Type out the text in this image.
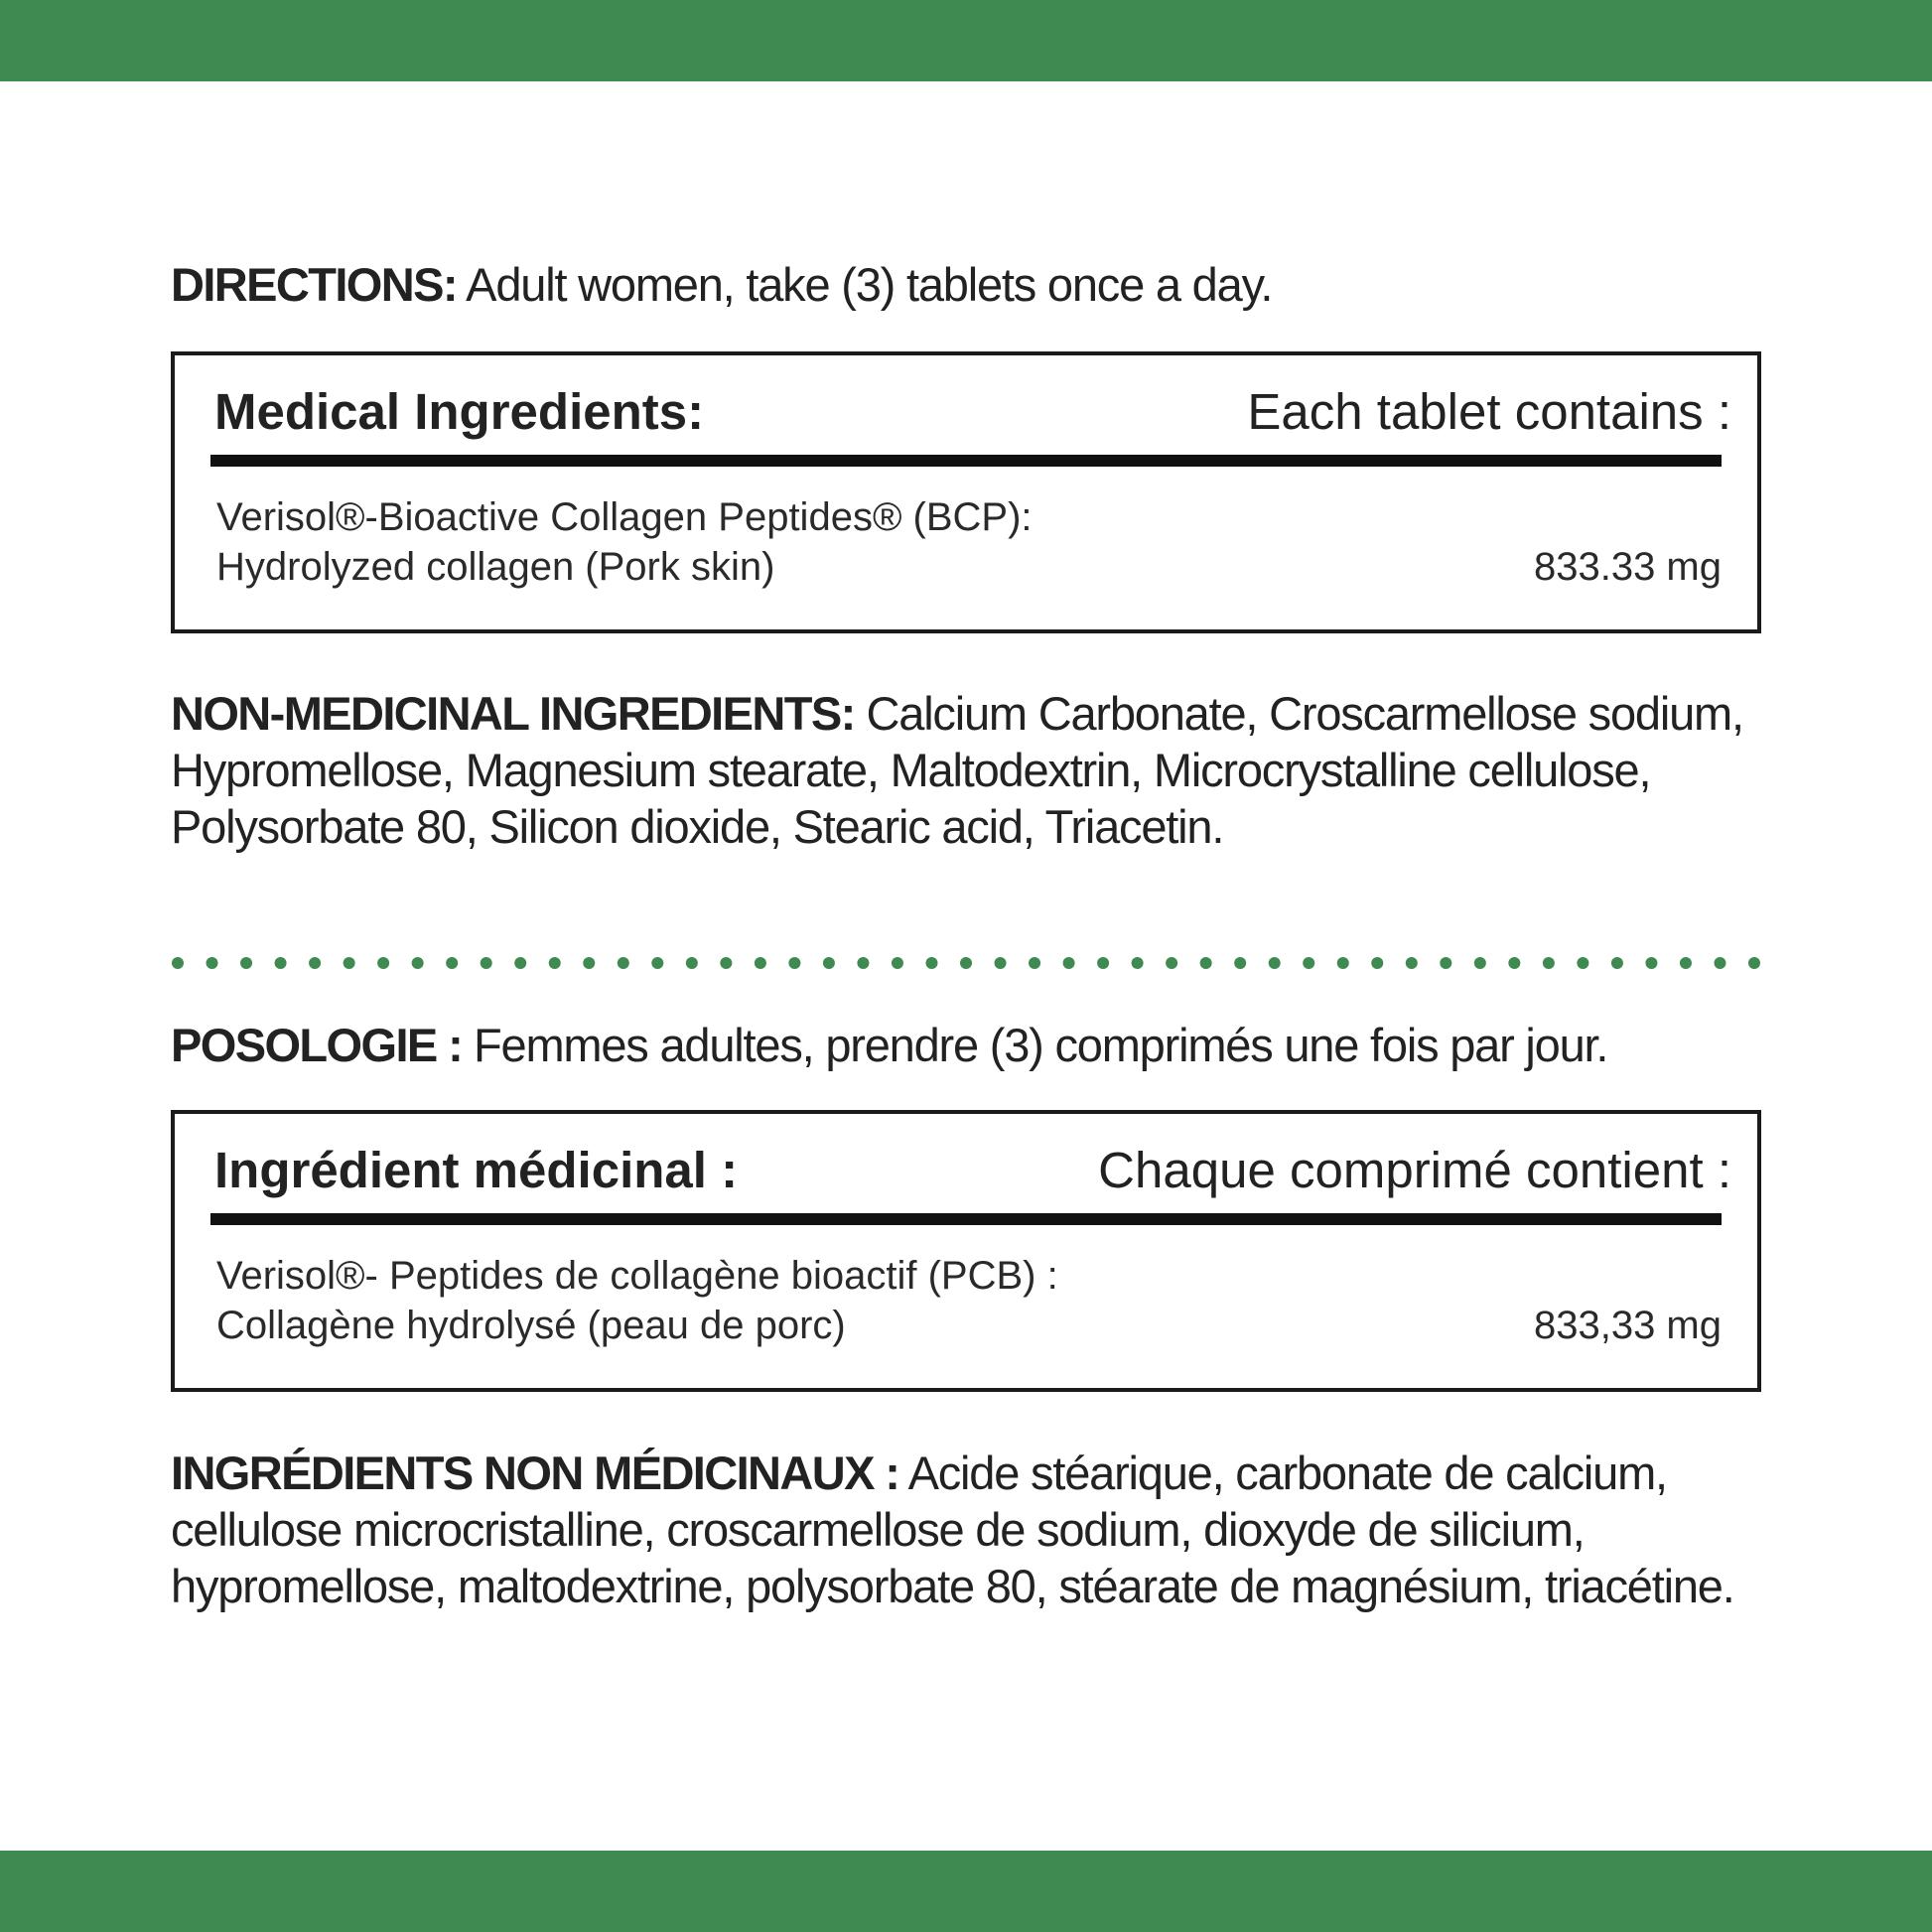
DIRECTIONS: Adult women, take (3) tablets once a day.
Medical Ingredients:	Each tablet contains :
Verisol®-Bioactive Collagen Peptides® (BCP):
Hydrolyzed collagen (Pork skin)	833.33 mg
NON-MEDICINAL INGREDIENTS: Calcium Carbonate, Croscarmellose sodium, Hypromellose, Magnesium stearate, Maltodextrin, Microcrystalline cellulose, Polysorbate 80, Silicon dioxide, Stearic acid, Triacetin.
POSOLOGIE : Femmes adultes, prendre (3) comprimés une fois par jour.
Ingrédient médicinal :	Chaque comprimé contient :
Verisol®- Peptides de collagène bioactif (PCB) :
Collagène hydrolysé (peau de porc)	833,33 mg
INGRÉDIENTS NON MÉDICINAUX : Acide stéarique, carbonate de calcium, cellulose microcristalline, croscarmellose de sodium, dioxyde de silicium, hypromellose, maltodextrine, polysorbate 80, stéarate de magnésium, triacétine.
